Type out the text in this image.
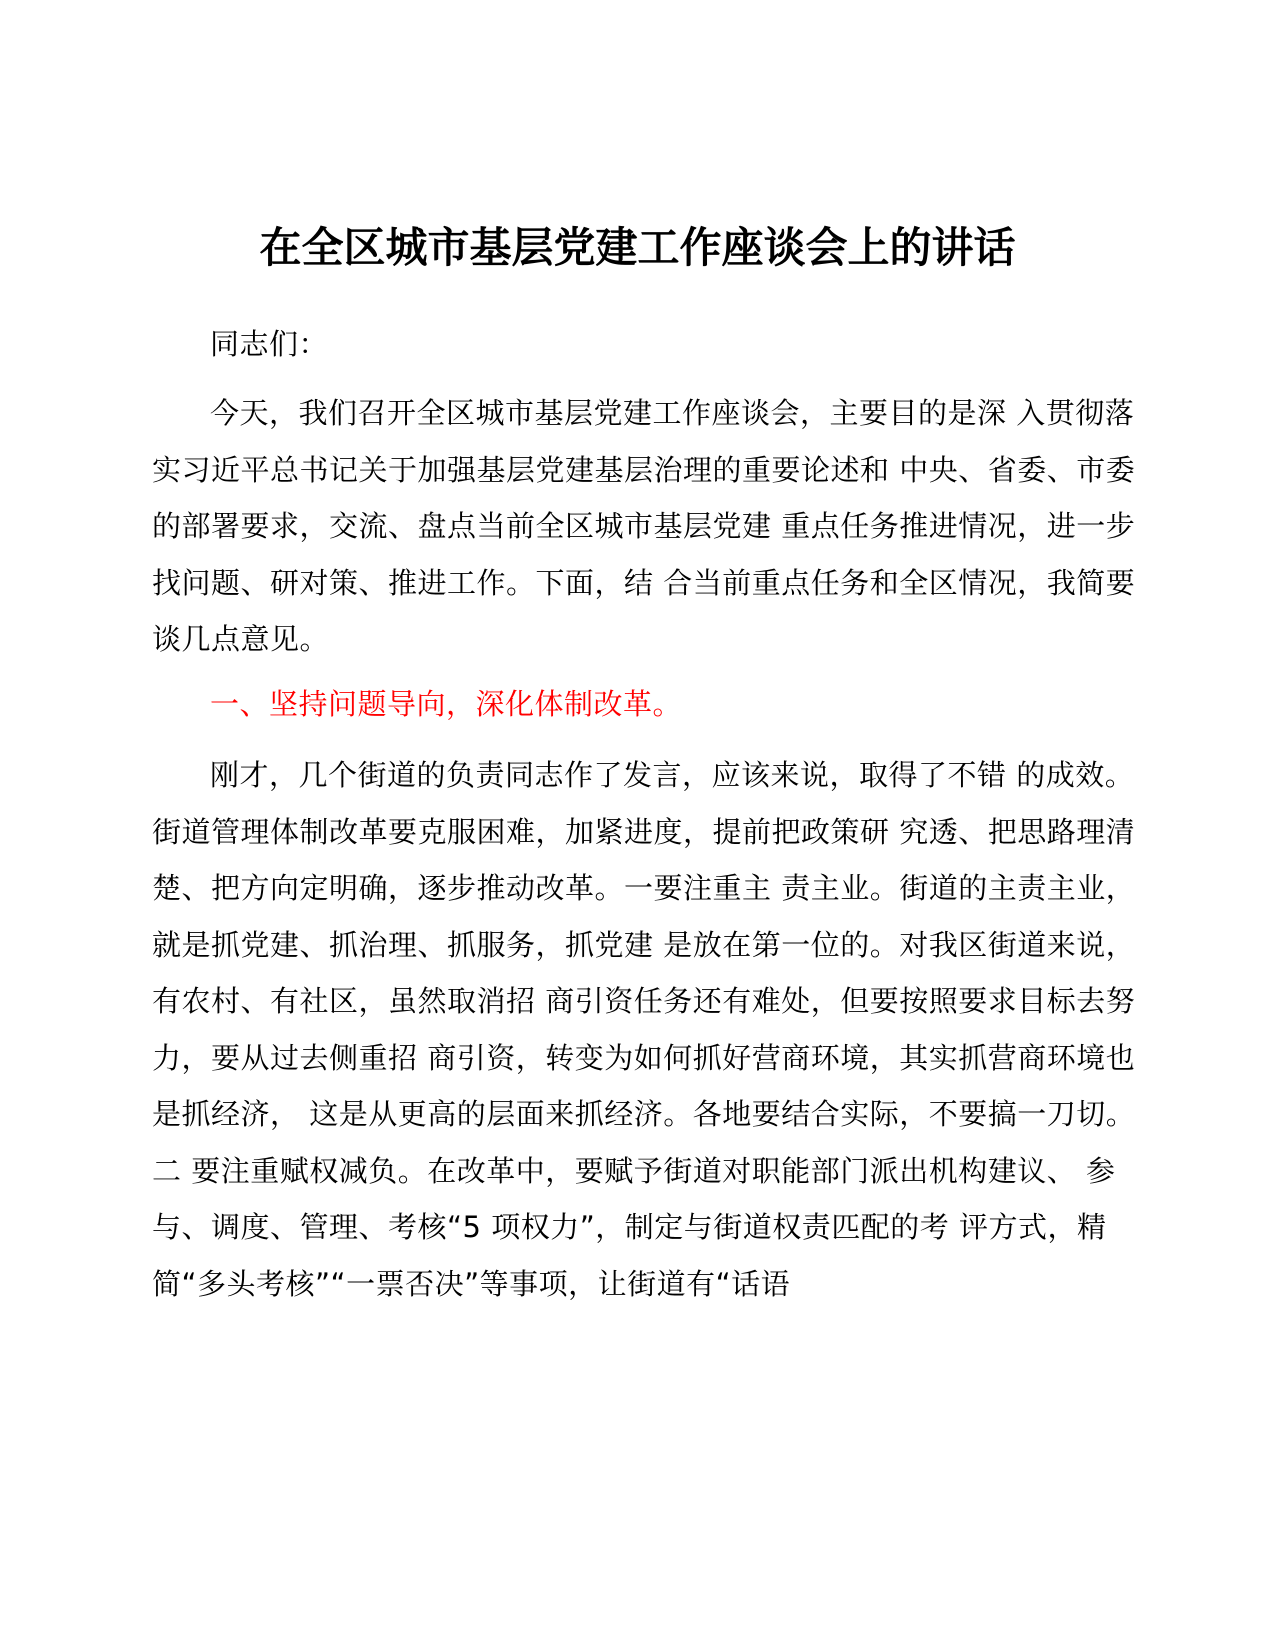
在全区城市基层党建工作座谈会上的讲话
同志们：
今天，我们召开全区城市基层党建工作座谈会，主要目的是深 入贯彻落实习近平总书记关于加强基层党建基层治理的重要论述和 中央、省委、市委的部署要求，交流、盘点当前全区城市基层党建 重点任务推进情况，进一步找问题、研对策、推进工作。下面，结 合当前重点任务和全区情况，我简要谈几点意见。
一、坚持问题导向，深化体制改革。
刚才，几个街道的负责同志作了发言，应该来说，取得了不错 的成效。街道管理体制改革要克服困难，加紧进度，提前把政策研 究透、把思路理清楚、把方向定明确，逐步推动改革。一要注重主 责主业。街道的主责主业，就是抓党建、抓治理、抓服务，抓党建 是放在第一位的。对我区街道来说，有农村、有社区，虽然取消招 商引资任务还有难处，但要按照要求目标去努力，要从过去侧重招 商引资，转变为如何抓好营商环境，其实抓营商环境也是抓经济， 这是从更高的层面来抓经济。各地要结合实际，不要搞一刀切。二 要注重赋权减负。在改革中，要赋予街道对职能部门派出机构建议、 参与、调度、管理、考核“5 项权力”，制定与街道权责匹配的考 评方式，精简“多头考核”“一票否决”等事项，让街道有“话语
